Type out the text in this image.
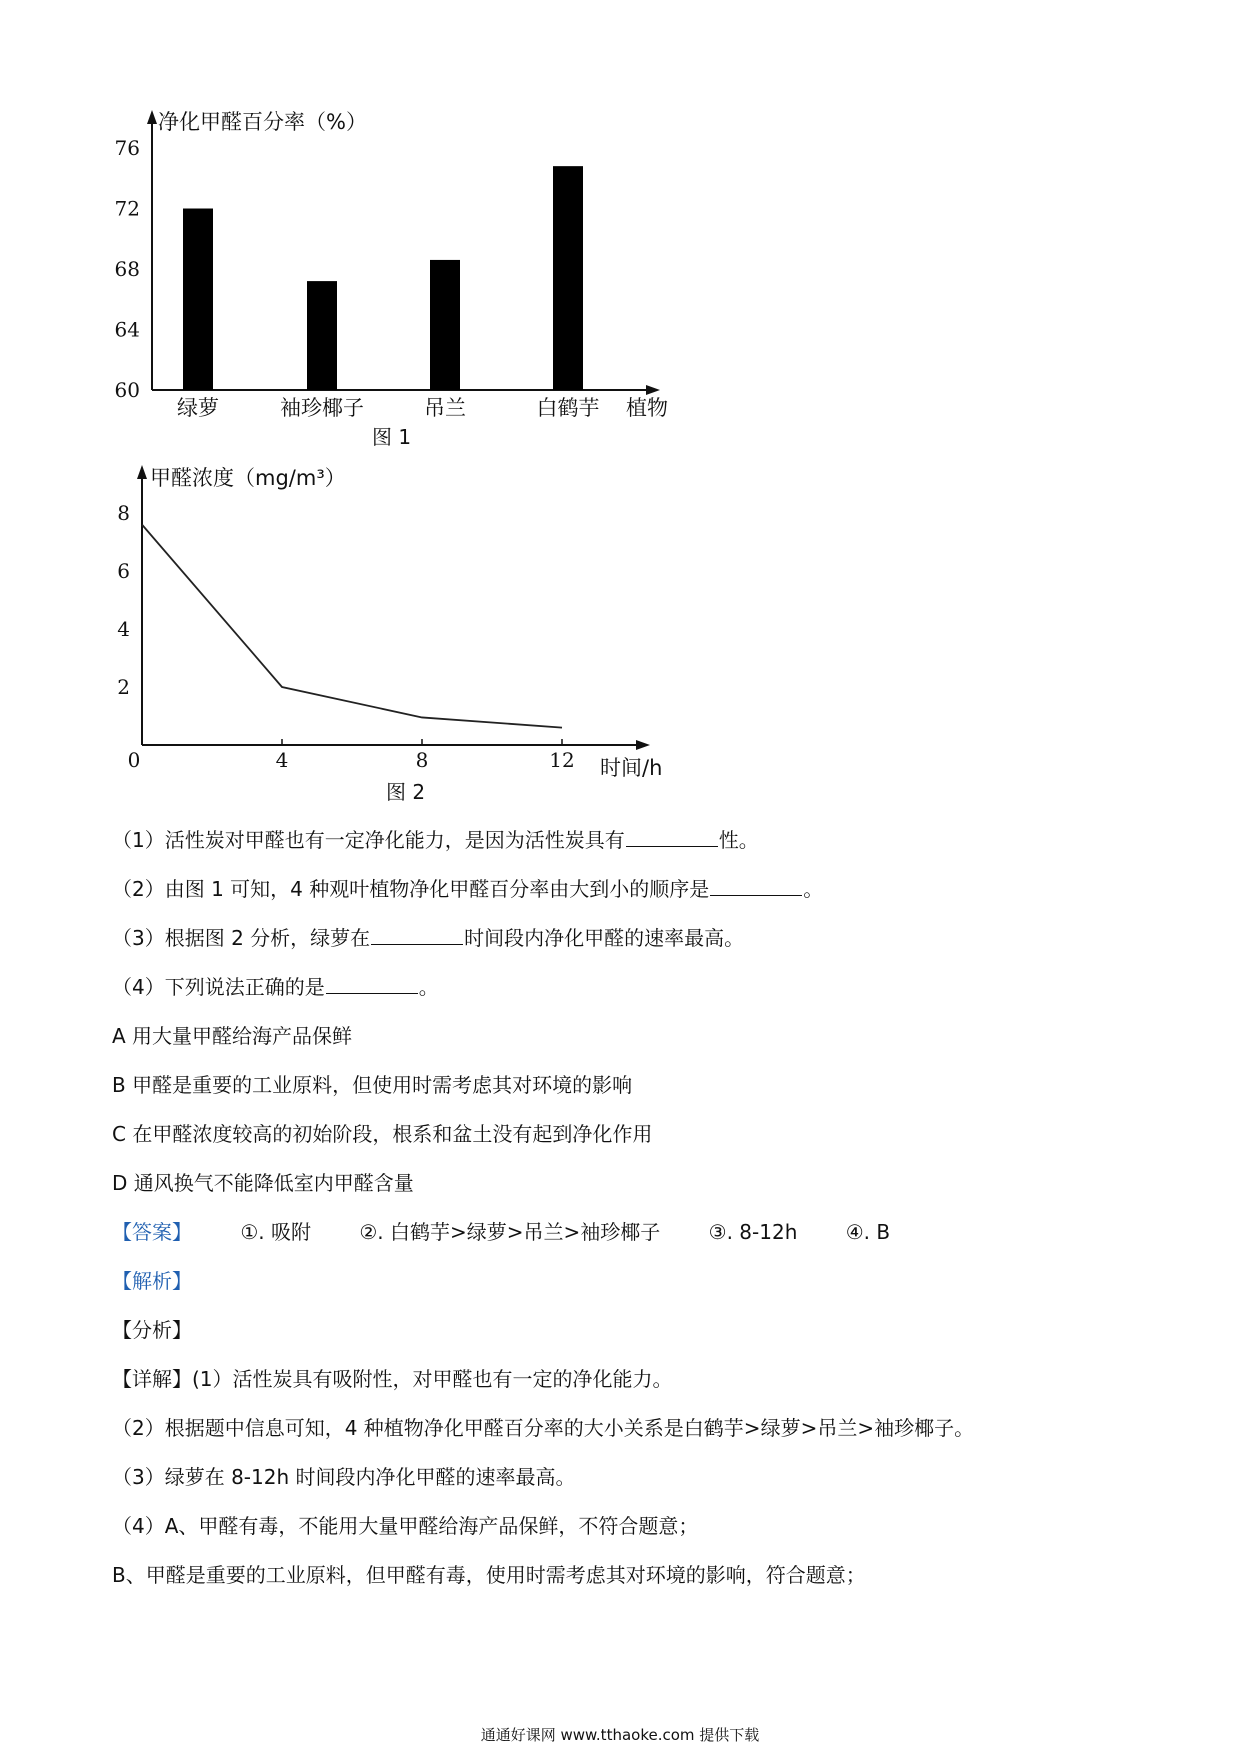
净化甲醛百分率（%）
植物
图 1
60
64
68
72
76
绿萝	袖珍椰子	吊兰	白鹤芋
甲醛浓度（mg/m³）
时间/h
图 2
2
4
6
8
0	4	8	12
（1）活性炭对甲醛也有一定净化能力，是因为活性炭具有	性。
（2）由图 1 可知，4 种观叶植物净化甲醛百分率由大到小的顺序是	。
（3）根据图 2 分析，绿萝在	时间段内净化甲醛的速率最高。
（4）下列说法正确的是	。
A 用大量甲醛给海产品保鲜
B 甲醛是重要的工业原料，但使用时需考虑其对环境的影响
C 在甲醛浓度较高的初始阶段，根系和盆土没有起到净化作用
D 通风换气不能降低室内甲醛含量
【答案】 ①. 吸附 ②. 白鹤芋>绿萝>吊兰>袖珍椰子 ③. 8-12h ④. B
【解析】
【分析】
【详解】(1）活性炭具有吸附性，对甲醛也有一定的净化能力。
（2）根据题中信息可知，4 种植物净化甲醛百分率的大小关系是白鹤芋>绿萝>吊兰>袖珍椰子。
（3）绿萝在 8-12h 时间段内净化甲醛的速率最高。
（4）A、甲醛有毒，不能用大量甲醛给海产品保鲜，不符合题意；
B、甲醛是重要的工业原料，但甲醛有毒，使用时需考虑其对环境的影响，符合题意；
通通好课网 www.tthaoke.com 提供下载
